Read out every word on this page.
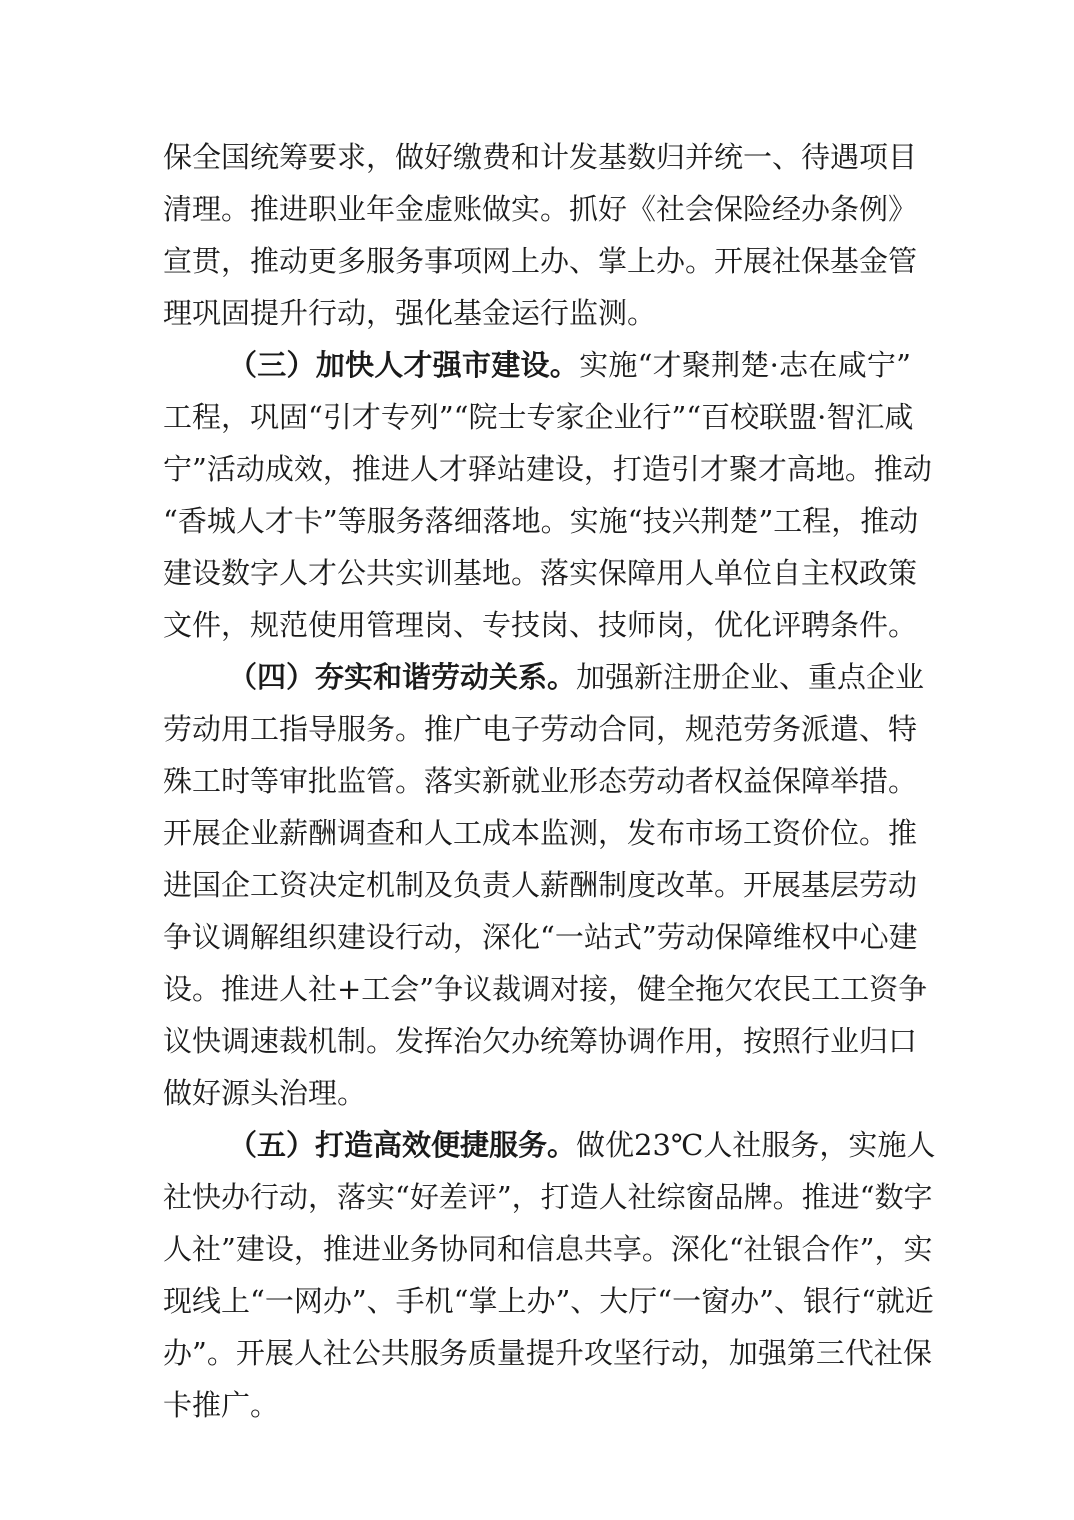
保全国统筹要求，做好缴费和计发基数归并统一、待遇项目
清理。推进职业年金虚账做实。抓好《社会保险经办条例》
宣贯，推动更多服务事项网上办、掌上办。开展社保基金管
理巩固提升行动，强化基金运行监测。
（三）加快人才强市建设。实施“才聚荆楚·志在咸宁”
工程，巩固“引才专列”“院士专家企业行”“百校联盟·智汇咸
宁”活动成效，推进人才驿站建设，打造引才聚才高地。推动
“香城人才卡”等服务落细落地。实施“技兴荆楚”工程，推动
建设数字人才公共实训基地。落实保障用人单位自主权政策
文件，规范使用管理岗、专技岗、技师岗，优化评聘条件。
（四）夯实和谐劳动关系。加强新注册企业、重点企业
劳动用工指导服务。推广电子劳动合同，规范劳务派遣、特
殊工时等审批监管。落实新就业形态劳动者权益保障举措。
开展企业薪酬调查和人工成本监测，发布市场工资价位。推
进国企工资决定机制及负责人薪酬制度改革。开展基层劳动
争议调解组织建设行动，深化“一站式”劳动保障维权中心建
设。推进人社+工会”争议裁调对接，健全拖欠农民工工资争
议快调速裁机制。发挥治欠办统筹协调作用，按照行业归口
做好源头治理。
（五）打造高效便捷服务。做优23℃人社服务，实施人
社快办行动，落实“好差评”，打造人社综窗品牌。推进“数字
人社”建设，推进业务协同和信息共享。深化“社银合作”，实
现线上“一网办”、手机“掌上办”、大厅“一窗办”、银行“就近
办”。开展人社公共服务质量提升攻坚行动，加强第三代社保
卡推广。
